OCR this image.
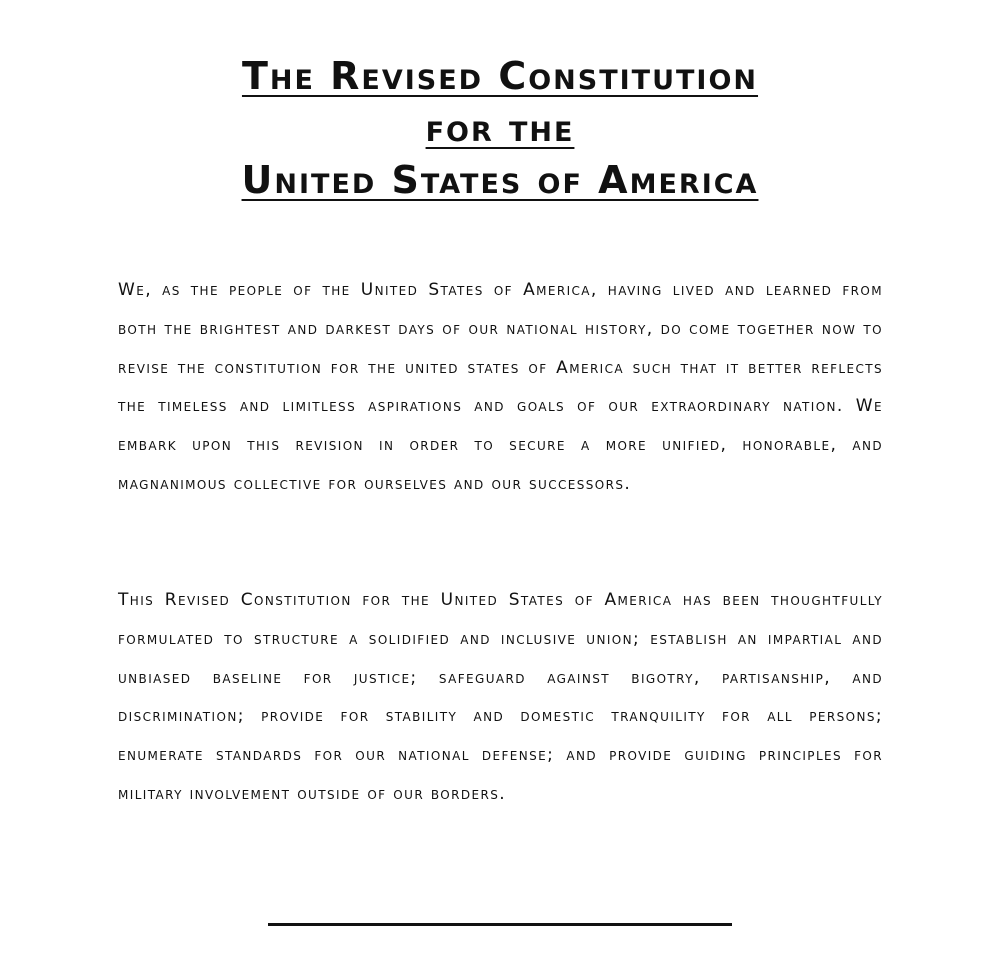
The Revised Constitution
for the
United States of America

We, as the people of the United States of America, having lived and learned from both the brightest and darkest days of our national history, do come together now to revise the constitution for the united states of America such that it better reflects the timeless and limitless aspirations and goals of our extraordinary nation. We embark upon this revision in order to secure a more unified, honorable, and magnanimous collective for ourselves and our successors.

This Revised Constitution for the United States of America has been thoughtfully formulated to structure a solidified and inclusive union; establish an impartial and unbiased baseline for justice; safeguard against bigotry, partisanship, and discrimination; provide for stability and domestic tranquility for all persons; enumerate standards for our national defense; and provide guiding principles for military involvement outside of our borders.
